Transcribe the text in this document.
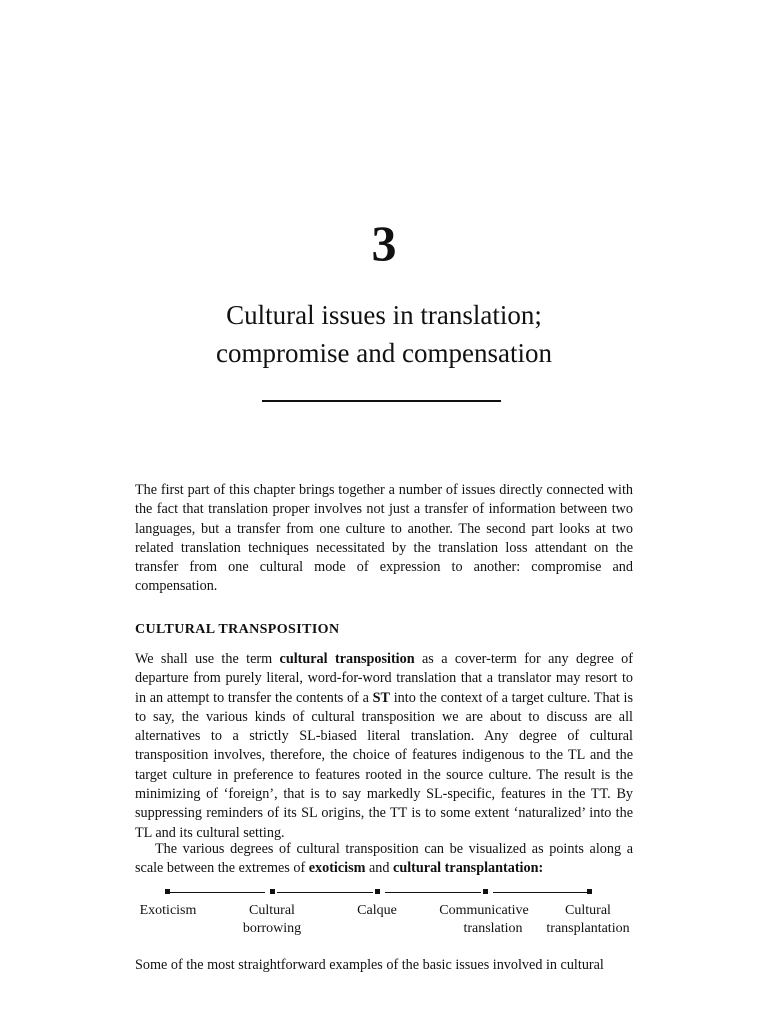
3
Cultural issues in translation;
compromise and compensation

The first part of this chapter brings together a number of issues directly connected with the fact that translation proper involves not just a transfer of information between two languages, but a transfer from one culture to another. The second part looks at two related translation techniques necessitated by the translation loss attendant on the transfer from one cultural mode of expression to another: compromise and compensation.

CULTURAL TRANSPOSITION

We shall use the term cultural transposition as a cover-term for any degree of departure from purely literal, word-for-word translation that a translator may resort to in an attempt to transfer the contents of a ST into the context of a target culture. That is to say, the various kinds of cultural transposition we are about to discuss are all alternatives to a strictly SL-biased literal translation. Any degree of cultural transposition involves, therefore, the choice of features indigenous to the TL and the target culture in preference to features rooted in the source culture. The result is the minimizing of ‘foreign’, that is to say markedly SL-specific, features in the TT. By suppressing reminders of its SL origins, the TT is to some extent ‘naturalized’ into the TL and its cultural setting.

The various degrees of cultural transposition can be visualized as points along a scale between the extremes of exoticism and cultural transplantation:

Exoticism	Cultural
borrowing
Calque	Communicative
translation
Cultural
transplantation

Some of the most straightforward examples of the basic issues involved in cultural
